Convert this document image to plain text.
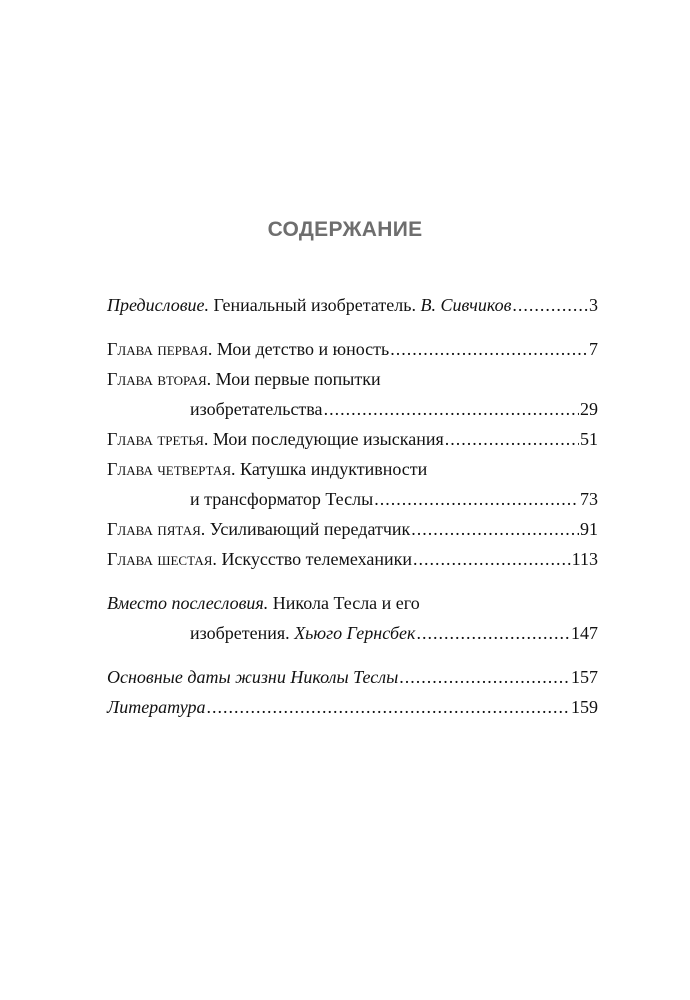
СОДЕРЖАНИЕ
Предисловие. Гениальный изобретатель. В. Сивчиков .....	3
Глава первая. Мои детство и юность .....	7
Глава вторая. Мои первые попытки
изобретательства .....	29
Глава третья. Мои последующие изыскания .....	51
Глава четвертая. Катушка индуктивности
и трансформатор Теслы .....	73
Глава пятая. Усиливающий передатчик .....	91
Глава шестая. Искусство телемеханики .....	113
Вместо послесловия. Никола Тесла и его
изобретения. Хьюго Гернсбек .....	147
Основные даты жизни Николы Теслы .....	157
Литература .....	159
